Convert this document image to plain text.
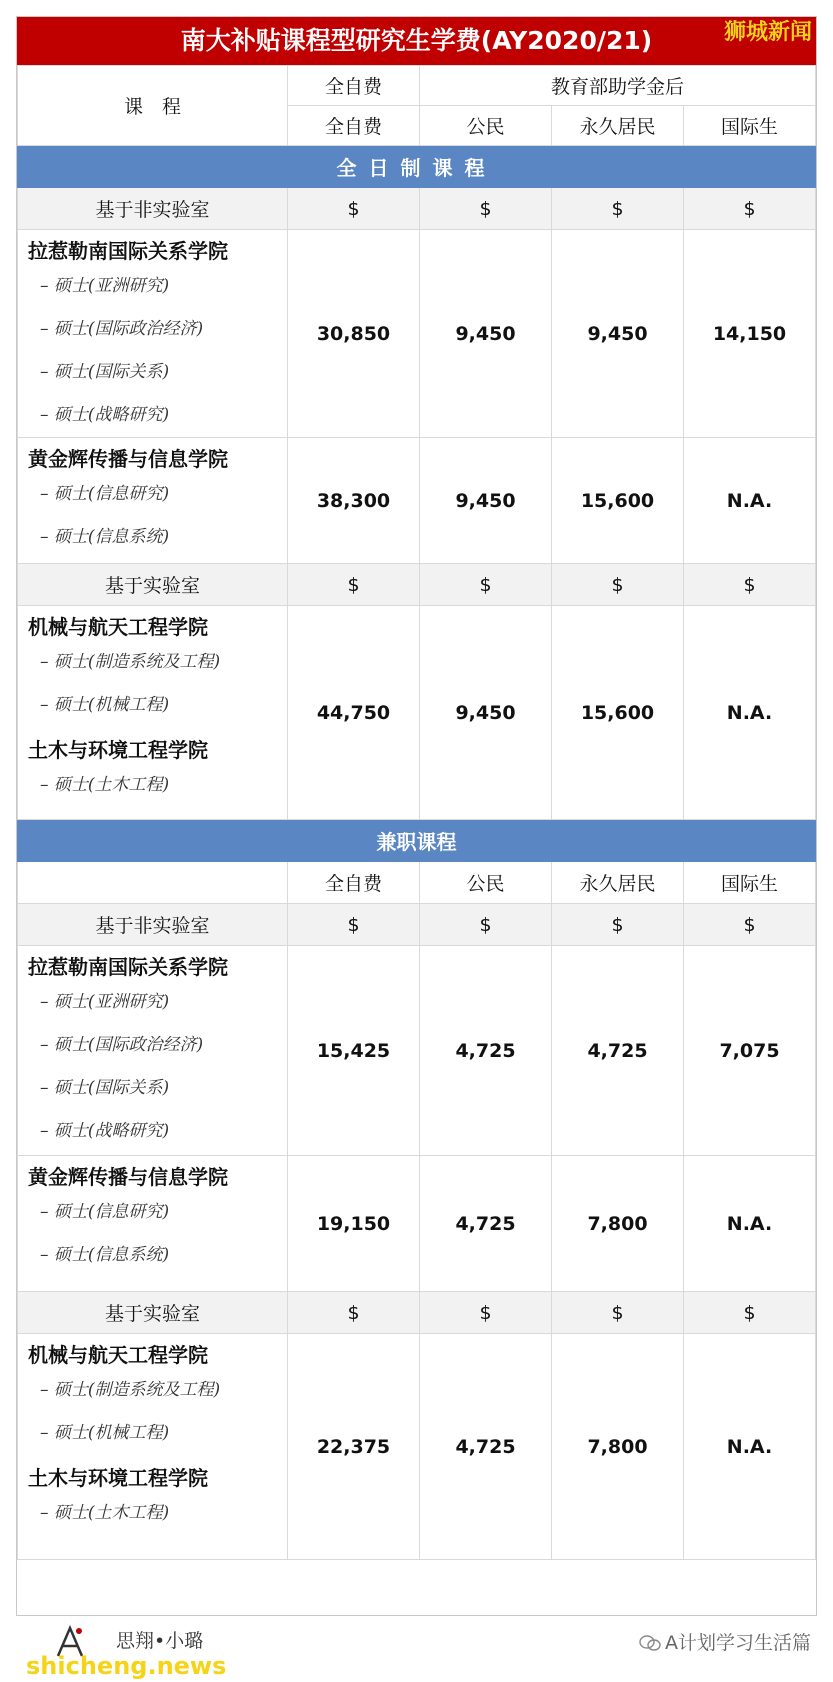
南大补贴课程型研究生学费(AY2020/21)	狮城新闻
课　程	全自费	教育部助学金后		
	全自费	公民	永久居民	国际生
全日制课程				
基于非实验室	$	$	$	$

拉惹勒南国际关系学院
– 硕士(亚洲研究)
– 硕士(国际政治经济)
– 硕士(国际关系)
– 硕士(战略研究)	30,850	9,450	9,450	14,150

黄金辉传播与信息学院
– 硕士(信息研究)
– 硕士(信息系统)	38,300	9,450	15,600	N.A.
基于实验室	$	$	$	$

机械与航天工程学院
– 硕士(制造系统及工程)
– 硕士(机械工程)
土木与环境工程学院
– 硕士(土木工程)	44,750	9,450	15,600	N.A.
兼职课程				
	全自费	公民	永久居民	国际生
基于非实验室	$	$	$	$

拉惹勒南国际关系学院
– 硕士(亚洲研究)
– 硕士(国际政治经济)
– 硕士(国际关系)
– 硕士(战略研究)	15,425	4,725	4,725	7,075

黄金辉传播与信息学院
– 硕士(信息研究)
– 硕士(信息系统)	19,150	4,725	7,800	N.A.
基于实验室	$	$	$	$

机械与航天工程学院
– 硕士(制造系统及工程)
– 硕士(机械工程)
土木与环境工程学院
– 硕士(土木工程)	22,375	4,725	7,800	N.A.
思翔•小璐	A计划学习生活篇
shicheng.news
